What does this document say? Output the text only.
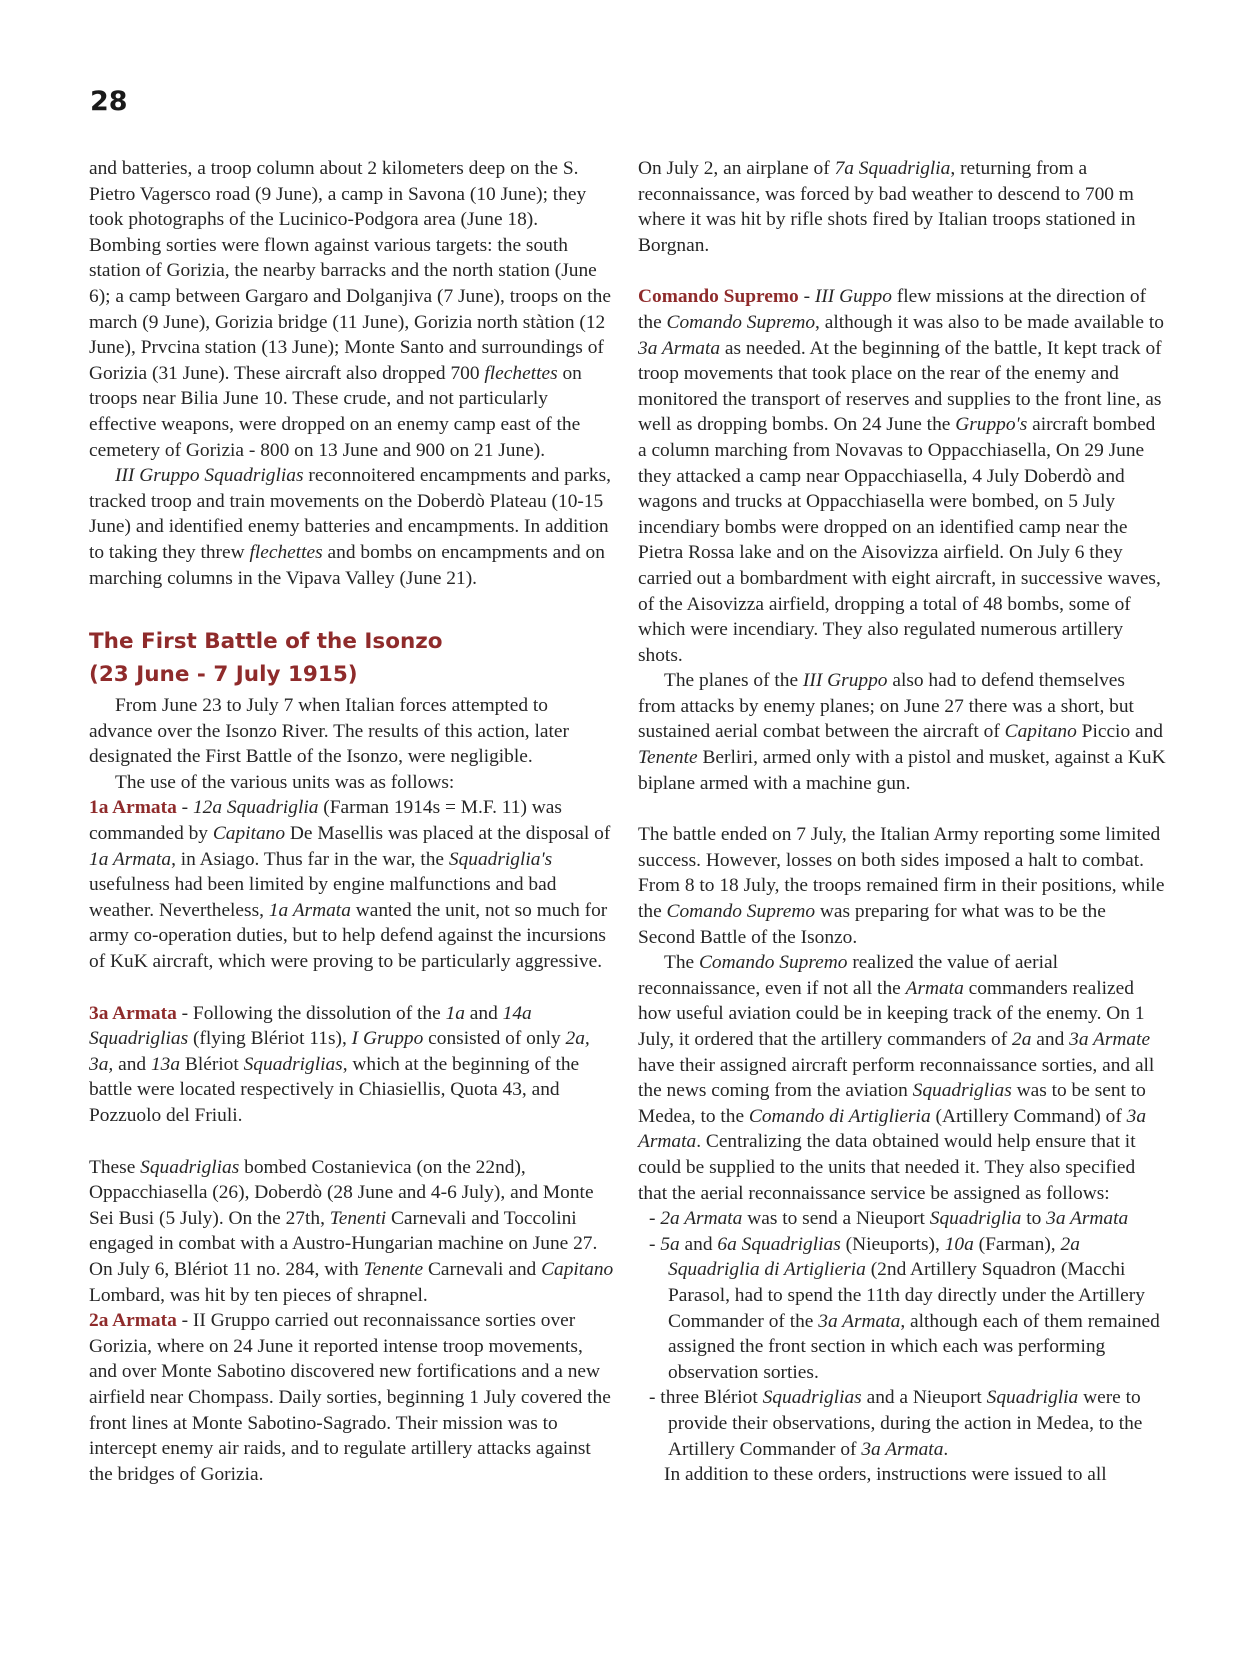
28

and batteries, a troop column about 2 kilometers deep on the S. Pietro Vagersco road (9 June), a camp in Savona (10 June); they took photographs of the Lucinico-Podgora area (June 18). Bombing sorties were flown against various targets: the south station of Gorizia, the nearby barracks and the north station (June 6); a camp between Gargaro and Dolganjiva (7 June), troops on the march (9 June), Gorizia bridge (11 June), Gorizia north stàtion (12 June), Prvcina station (13 June); Monte Santo and surroundings of Gorizia (31 June). These aircraft also dropped 700 flechettes on troops near Bilia June 10. These crude, and not particularly effective weapons, were dropped on an enemy camp east of the cemetery of Gorizia - 800 on 13 June and 900 on 21 June).

III Gruppo Squadriglias reconnoitered encampments and parks, tracked troop and train movements on the Doberdò Plateau (10-15 June) and identified enemy batteries and encampments. In addition to taking they threw flechettes and bombs on encampments and on marching columns in the Vipava Valley (June 21).

The First Battle of the Isonzo
(23 June - 7 July 1915)

From June 23 to July 7 when Italian forces attempted to advance over the Isonzo River. The results of this action, later designated the First Battle of the Isonzo, were negligible.

The use of the various units was as follows:

1a Armata - 12a Squadriglia (Farman 1914s = M.F. 11) was commanded by Capitano De Masellis was placed at the disposal of 1a Armata, in Asiago. Thus far in the war, the Squadriglia's usefulness had been limited by engine malfunctions and bad weather. Nevertheless, 1a Armata wanted the unit, not so much for army co-operation duties, but to help defend against the incursions of KuK aircraft, which were proving to be particularly aggressive.

3a Armata - Following the dissolution of the 1a and 14a Squadriglias (flying Blériot 11s), I Gruppo consisted of only 2a, 3a, and 13a Blériot Squadriglias, which at the beginning of the battle were located respectively in Chiasiellis, Quota 43, and Pozzuolo del Friuli.

These Squadriglias bombed Costanievica (on the 22nd), Oppacchiasella (26), Doberdò (28 June and 4-6 July), and Monte Sei Busi (5 July). On the 27th, Tenenti Carnevali and Toccolini engaged in combat with a Austro-Hungarian machine on June 27. On July 6, Blériot 11 no. 284, with Tenente Carnevali and Capitano Lombard, was hit by ten pieces of shrapnel.

2a Armata - II Gruppo carried out reconnaissance sorties over Gorizia, where on 24 June it reported intense troop movements, and over Monte Sabotino discovered new fortifications and a new airfield near Chompass. Daily sorties, beginning 1 July covered the front lines at Monte Sabotino-Sagrado. Their mission was to intercept enemy air raids, and to regulate artillery attacks against the bridges of Gorizia.

On July 2, an airplane of 7a Squadriglia, returning from a reconnaissance, was forced by bad weather to descend to 700 m where it was hit by rifle shots fired by Italian troops stationed in Borgnan.

Comando Supremo - III Guppo flew missions at the direction of the Comando Supremo, although it was also to be made available to 3a Armata as needed. At the beginning of the battle, It kept track of troop movements that took place on the rear of the enemy and monitored the transport of reserves and supplies to the front line, as well as dropping bombs. On 24 June the Gruppo's aircraft bombed a column marching from Novavas to Oppacchiasella, On 29 June they attacked a camp near Oppacchiasella, 4 July Doberdò and wagons and trucks at Oppacchiasella were bombed, on 5 July incendiary bombs were dropped on an identified camp near the Pietra Rossa lake and on the Aisovizza airfield. On July 6 they carried out a bombardment with eight aircraft, in successive waves, of the Aisovizza airfield, dropping a total of 48 bombs, some of which were incendiary. They also regulated numerous artillery shots.

The planes of the III Gruppo also had to defend themselves from attacks by enemy planes; on June 27 there was a short, but sustained aerial combat between the aircraft of Capitano Piccio and Tenente Berliri, armed only with a pistol and musket, against a KuK biplane armed with a machine gun.

The battle ended on 7 July, the Italian Army reporting some limited success. However, losses on both sides imposed a halt to combat. From 8 to 18 July, the troops remained firm in their positions, while the Comando Supremo was preparing for what was to be the Second Battle of the Isonzo.

The Comando Supremo realized the value of aerial reconnaissance, even if not all the Armata commanders realized how useful aviation could be in keeping track of the enemy. On 1 July, it ordered that the artillery commanders of 2a and 3a Armate have their assigned aircraft perform reconnaissance sorties, and all the news coming from the aviation Squadriglias was to be sent to Medea, to the Comando di Artiglieria (Artillery Command) of 3a Armata. Centralizing the data obtained would help ensure that it could be supplied to the units that needed it. They also specified that the aerial reconnaissance service be assigned as follows:

- 2a Armata was to send a Nieuport Squadriglia to 3a Armata

- 5a and 6a Squadriglias (Nieuports), 10a (Farman), 2a Squadriglia di Artiglieria (2nd Artillery Squadron (Macchi Parasol, had to spend the 11th day directly under the Artillery Commander of the 3a Armata, although each of them remained assigned the front section in which each was performing observation sorties.

- three Blériot Squadriglias and a Nieuport Squadriglia were to provide their observations, during the action in Medea, to the Artillery Commander of 3a Armata.

In addition to these orders, instructions were issued to all
